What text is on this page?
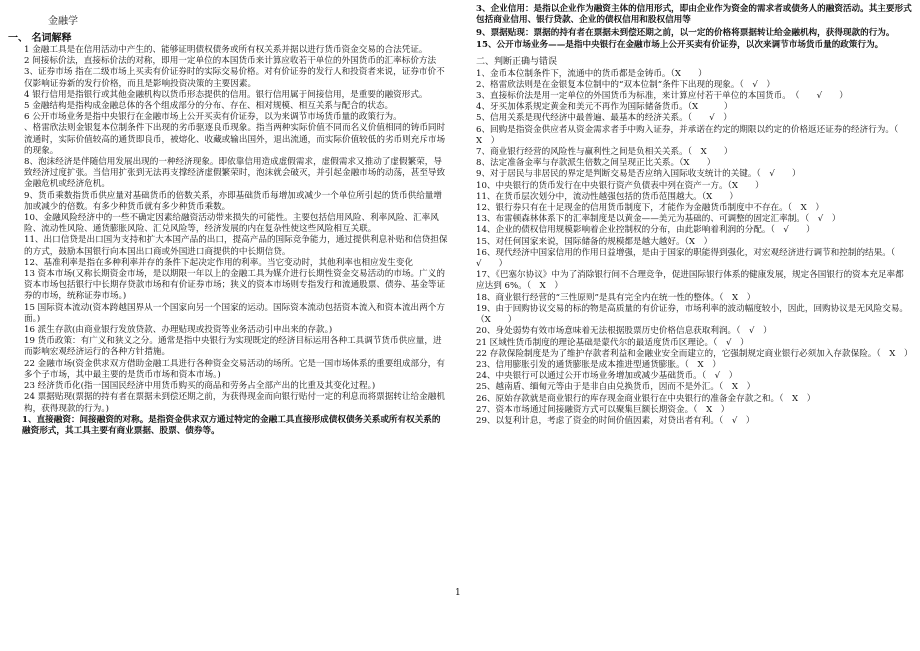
金融学
一、 名词解释
1 金融工具是在信用活动中产生的、能够证明债权债务或所有权关系并据以进行货币资金交易的合法凭证。
2 间接标价法，直接标价法的对称，即用一定单位的本国货币来计算应收若干单位的外国货币的汇率标价方法
3、证券市场 指在二级市场上买卖有价证券时的实际交易价格。对有价证券的发行人和投资者来说，证券市价不仅影响证券新的发行价格，而且是影响投资决策的主要因素。
4 银行信用是指银行或其他金融机构以货币形态提供的信用。银行信用属于间接信用，是重要的融资形式。
5 金融结构是指构成金融总体的各个组成部分的分布、存在、相对规模、相互关系与配合的状态。
6 公开市场业务是指中央银行在金融市场上公开买卖有价证券，以为来调节市场货币量的政策行为。
、格雷欣法则金银复本位制条件下出现的劣币驱逐良币现象。指当两种实际价值不同而名义价值相同的铸币同时流通时，实际价值较高的通货即良币，被熔化、收藏或输出国外，退出流通，而实际价值较低的劣币则充斥市场的现象。
8、泡沫经济是伴随信用发展出现的一种经济现象。即依靠信用造成虚假需求，虚假需求又推动了虚假繁荣，导致经济过度扩张。当信用扩张到无法再支撑经济虚假繁荣时，泡沫就会破灭，并引起金融市场的动荡，甚至导致金融危机或经济危机。
9、货币乘数指货币供应量对基础货币的倍数关系，亦即基础货币每增加或减少一个单位所引起的货币供给量增加或减少的倍数。有多少种货币就有多少种货币乘数。
10、金融风险经济中的一些不确定因素给融资活动带来损失的可能性。主要包括信用风险、利率风险、汇率风险、流动性风险、通货膨胀风险、汇兑风险等，经济发展的内在复杂性使这些风险相互关联。
11、出口信贷是出口国为支持和扩大本国产品的出口，提高产品的国际竞争能力，通过提供利息补贴和信贷担保的方式，鼓励本国银行向本国出口商或外国进口商提供的中长期信贷。
12、基准利率是指在多种利率并存的条件下起决定作用的利率。当它变动时，其他利率也相应发生变化
13 资本市场(又称长期资金市场，是以期限一年以上的金融工具为媒介进行长期性资金交易活动的市场。广义的资本市场包括银行中长期存贷款市场和有价证券市场；狭义的资本市场则专指发行和流通股票、债券、基金等证券的市场，统称证券市场。)
15 国际资本流动(资本跨越国界从一个国家向另一个国家的运动。国际资本流动包括资本流入和资本流出两个方面。)
16 派生存款(由商业银行发放贷款、办理贴现或投资等业务活动引申出来的存款。)
19 货币政策：有广义和狭义之分。通常是指中央银行为实现既定的经济目标运用各种工具调节货币供应量，进而影响宏观经济运行的各种方针措施。
22 金融市场(资金供求双方借助金融工具进行各种资金交易活动的场所。它是一国市场体系的重要组成部分，有多个子市场，其中最主要的是货币市场和资本市场。)
23 经济货币化(指一国国民经济中用货币购买的商品和劳务占全部产出的比重及其变化过程。)
24 票据贴现(票据的持有者在票据未到偿还期之前，为获得现金而向银行贴付一定的利息而将票据转让给金融机构，获得现款的行为。)
1、直接融资：间接融资的对称。是指资金供求双方通过特定的金融工具直接形成债权债务关系或所有权关系的融资形式，其工具主要有商业票据、股票、债券等。
3、企业信用：是指以企业作为融资主体的信用形式，即由企业作为资金的需求者或债务人的融资活动。其主要形式包括商业信用、银行贷款、企业的债权信用和股权信用等
9、票据贴现：票据的持有者在票据未到偿还期之前，以一定的价格将票据转让给金融机构，获得现款的行为。
15、公开市场业务——是指中央银行在金融市场上公开买卖有价证券，以次来调节市场货币量的政策行为。
二、判断正确与错误
1、金币本位制条件下，流通中的货币都是金铸币。（X　　）
2、格雷欣法则是在金银复本位制中的“双本位制”条件下出现的现象。（　√　）
3、直接标价法是用一定单位的外国货币为标准，来计算应付若干单位的本国货币。　（　　√　　）
4、牙买加体系规定黄金和美元不再作为国际储备货币。（X　　　）
5、信用关系是现代经济中最普遍、最基本的经济关系。（　　√　）
6、回购是指资金供应者从资金需求者手中购入证券，并承诺在约定的期限以约定的价格返还证券的经济行为。（　X　）
7、商业银行经营的风险性与赢利性之间是负相关关系。（　X　　）
8、法定准备金率与存款派生倍数之间呈现正比关系。（X　　）
9、对于居民与非居民的界定是判断交易是否应纳入国际收支统计的关键。（　√　　）
10、中央银行的货币发行在中央银行资产负债表中列在资产一方。（X　　）
11、在货币层次划分中，流动性越强包括的货币范围越大。（X　　）
12、银行券只有在十足现金的信用货币制度下，才能作为金融货币制度中不存在。（　X　）
13、布雷顿森林体系下的汇率制度是以黄金——美元为基础的、可调整的固定汇率制。（　√　）
14、企业的债权信用规模影响着企业控制权的分布，由此影响着利润的分配。（　√　　）
15、对任何国家来说，国际储备的规模都是越大越好。（X　）
16、现代经济中国家信用的作用日益增强，是由于国家的职能得到强化，对宏观经济进行调节和控制的结果。（　√　　）
17、《巴塞尔协议》中为了消除银行间不合理竞争，促进国际银行体系的健康发展，规定各国银行的资本充足率都应达到 6%。（　X　）
18、商业银行经营的“三性原则”是具有完全内在统一性的整体。（　X　）
19、由于回购协议交易的标的物是高质量的有价证券，市场利率的波动幅度较小，因此，回购协议是无风险交易。（X　　）
20、身处弱势有效市场意味着无法根据股票历史价格信息获取利润。（　√　）
21 区域性货币制度的理论基础是蒙代尔的最适度货币区理论。（　√　）
22 存款保险制度是为了维护存款者利益和金融业安全而建立的，它强制规定商业银行必须加入存款保险。（　X　）
23、信用膨胀引发的通货膨胀是成本推进型通货膨胀。（　X　）
24、中央银行可以通过公开市场业务增加或减少基础货币。（　√　）
25、越南盾、缅甸元等由于是非自由兑换货币，因而不是外汇。（　X　）
26、原始存款就是商业银行的库存现金商业银行在中央银行的准备金存款之和。（　X　）
27、资本市场通过间接融资方式可以聚集巨额长期资金。（　X　）
29、以复利计息，考虑了资金的时间价值因素，对贷出者有利。（　√　）
1
